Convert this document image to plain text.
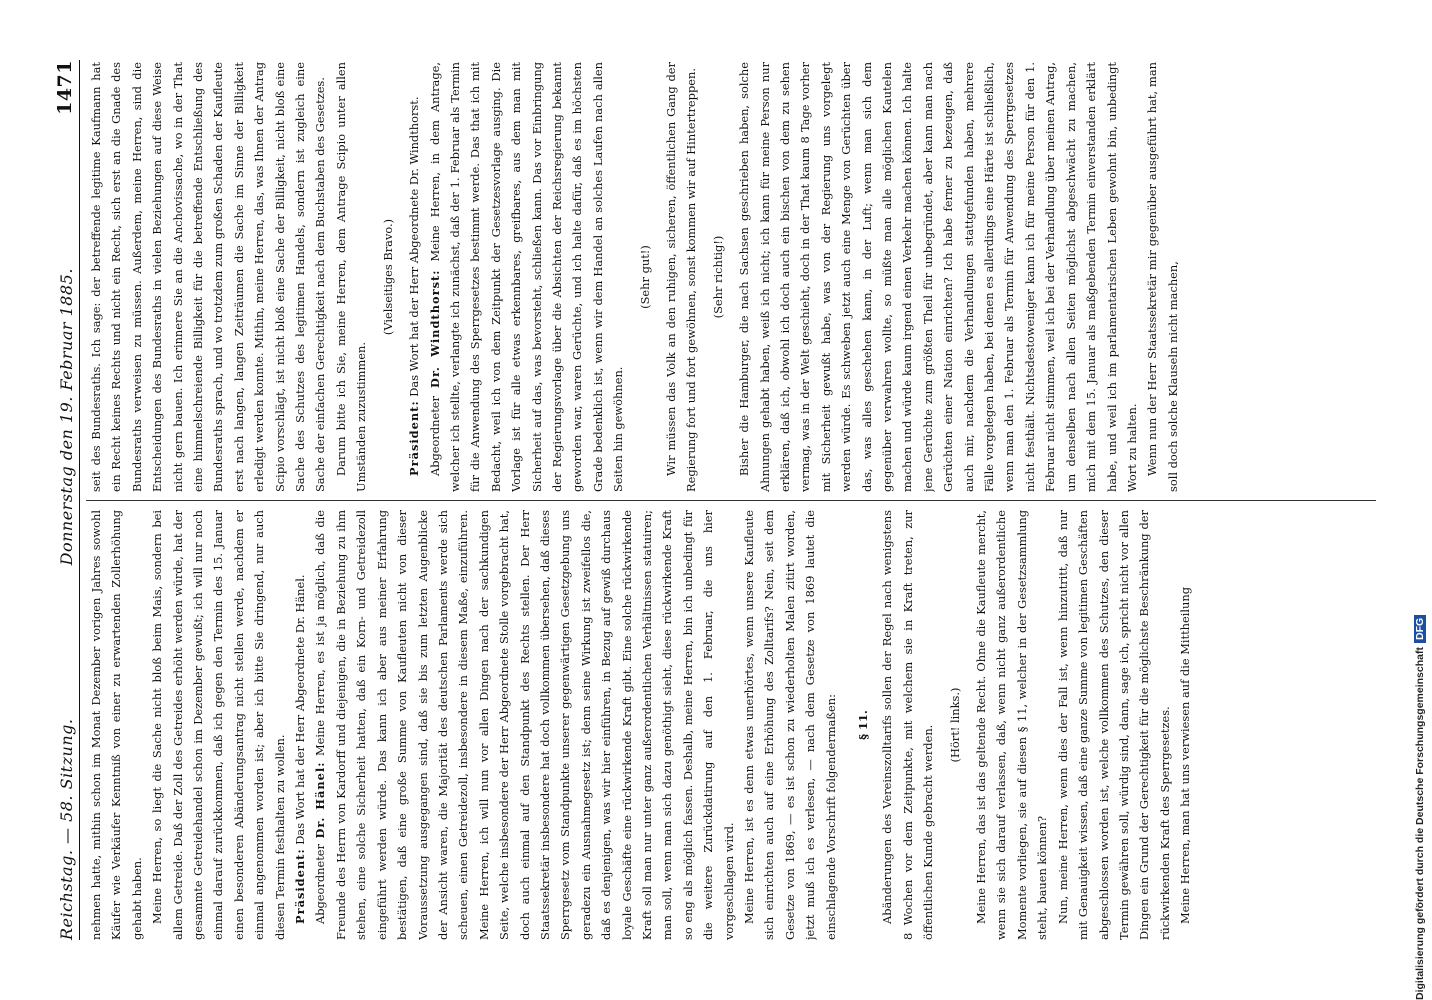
Reichstag. — 58. Sitzung.
Donnerstag den 19. Februar 1885.
1471

nehmen hatte, mithin schon im Monat Dezember vorigen Jahres sowohl Käufer wie Verkäufer Kenntniß von einer zu erwartenden Zollerhöhung gehabt haben. Meine Herren, so liegt die Sache nicht bloß beim Mais, sondern bei allem Getreide. Daß der Zoll des Getreides erhöht werden würde, hat der gesammte Getreidehandel schon im Dezember gewußt; ich will nur noch einmal darauf zurückkommen, daß ich gegen den Termin des 15. Januar einen besonderen Abänderungsantrag nicht stellen werde, nachdem er einmal angenommen worden ist; aber ich bitte Sie dringend, nur auch diesen Termin festhalten zu wollen. Präsident: Das Wort hat der Herr Abgeordnete Dr. Hänel.

Abgeordneter Dr. Hänel: Meine Herren, es ist ja möglich, daß die Freunde des Herrn von Kardorff und diejenigen, die in Beziehung zu ihm stehen, eine solche Sicherheit hatten, daß ein Korn- und Getreidezoll eingeführt werden würde. Das kann ich aber aus meiner Erfahrung bestätigen, daß eine große Summe von Kaufleuten nicht von dieser Voraussetzung ausgegangen sind, daß sie bis zum letzten Augenblicke der Ansicht waren, die Majorität des deutschen Parlaments werde sich scheuen, einen Getreidezoll, insbesondere in diesem Maße, einzuführen. Meine Herren, ich will nun vor allen Dingen nach der sachkundigen Seite, welche insbesondere der Herr Abgeordnete Stolle vorgebracht hat, doch auch einmal auf den Standpunkt des Rechts stellen. Der Herr Staatssekretär insbesondere hat doch vollkommen übersehen, daß dieses Sperrgesetz vom Standpunkte unserer gegenwärtigen Gesetzgebung uns geradezu ein Ausnahmegesetz ist; denn seine Wirkung ist zweifellos die, daß es denjenigen, was wir hier einführen, in Bezug auf gewiß durchaus loyale Geschäfte eine rückwirkende Kraft gibt. Eine solche rückwirkende Kraft soll man nur unter ganz außerordentlichen Verhältnissen statuiren; man soll, wenn man sich dazu genöthigt sieht, diese rückwirkende Kraft so eng als möglich fassen. Deshalb, meine Herren, bin ich unbedingt für die weitere Zurückdatirung auf den 1. Februar, die uns hier vorgeschlagen wird. Meine Herren, ist es denn etwas unerhörtes, wenn unsere Kaufleute sich einrichten auch auf eine Erhöhung des Zolltarifs? Nein, seit dem Gesetze von 1869, — es ist schon zu wiederholten Malen zitirt worden, jetzt muß ich es verlesen, — nach dem Gesetze von 1869 lautet die einschlagende Vorschrift folgendermaßen: § 11. Abänderungen des Vereinszolltarifs sollen der Regel nach wenigstens 8 Wochen vor dem Zeitpunkte, mit welchem sie in Kraft treten, zur öffentlichen Kunde gebracht werden. (Hört! links.) Meine Herren, das ist das geltende Recht. Ohne die Kaufleute mercht, wenn sie sich darauf verlassen, daß, wenn nicht ganz außerordentliche Momente vorliegen, sie auf diesen § 11, welcher in der Gesetzsammlung steht, bauen können? Nun, meine Herren, wenn dies der Fall ist, wenn hinzutritt, daß nur mit Genauigkeit wissen, daß eine ganze Summe von legitimen Geschäften abgeschlossen worden ist, welche vollkommen des Schutzes, den dieser Termin gewähren soll, würdig sind, dann, sage ich, spricht nicht vor allen Dingen ein Grund der Gerechtigkeit für die möglichste Beschränkung der rückwirkenden Kraft des Sperrgesetzes. Meine Herren, man hat uns verwiesen auf die Mittheilung

seit des Bundesraths. Ich sage: der betreffende legitime Kaufmann hat ein Recht keines Rechts und nicht ein Recht, sich erst an die Gnade des Bundesraths verweisen zu müssen. Außerdem, meine Herren, sind die Entscheidungen des Bundesraths in vielen Beziehungen auf diese Weise nicht gern bauen. Ich erinnere Sie an die Anchovissache, wo in der That eine himmelschreiende Billigkeit für die betreffende Entschließung des Bundesraths sprach, und wo trotzdem zum großen Schaden der Kaufleute erst nach langen, langen Zeiträumen die Sache im Sinne der Billigkeit erledigt werden konnte. Mithin, meine Herren, das, was Ihnen der Antrag Scipio vorschlägt, ist nicht bloß eine Sache der Billigkeit, nicht bloß eine Sache des Schutzes des legitimen Handels, sondern ist zugleich eine Sache der einfachen Gerechtigkeit nach dem Buchstaben des Gesetzes. Darum bitte ich Sie, meine Herren, dem Antrage Scipio unter allen Umständen zuzustimmen.

(Vielseitiges Bravo.)

Präsident: Das Wort hat der Herr Abgeordnete Dr. Windthorst.

Abgeordneter Dr. Windthorst: Meine Herren, in dem Antrage, welcher ich stellte, verlangte ich zunächst, daß der 1. Februar als Termin für die Anwendung des Sperrgesetzes bestimmt werde. Das that ich mit Bedacht, weil ich von dem Zeitpunkt der Gesetzesvorlage ausging. Die Vorlage ist für alle etwas erkennbares, greifbares, aus dem man mit Sicherheit auf das, was bevorsteht, schließen kann. Das vor Einbringung der Regierungsvorlage über die Absichten der Reichsregierung bekannt geworden war, waren Gerüchte, und ich halte dafür, daß es im höchsten Grade bedenklich ist, wenn wir dem Handel an solches Laufen nach allen Seiten hin gewöhnen.

(Sehr gut!) Wir müssen das Volk an den ruhigen, sicheren, öffentlichen Gang der Regierung fort und fort gewöhnen, sonst kommen wir auf Hintertreppen. (Sehr richtig!) Bisher die Hamburger, die nach Sachsen geschrieben haben, solche Ahnungen gehabt haben, weiß ich nicht; ich kann für meine Person nur erklären, daß ich, obwohl ich doch auch ein bischen von dem zu sehen vermag, was in der Welt geschieht, doch in der That kaum 8 Tage vorher mit Sicherheit gewußt habe, was von der Regierung uns vorgelegt werden würde. Es schweben jetzt auch eine Menge von Gerüchten über das, was alles geschehen kann, in der Luft; wenn man sich dem gegenüber verwahren wollte, so müßte man alle möglichen Kautelen machen und würde kaum irgend einen Verkehr machen können. Ich halte jene Gerüchte zum größten Theil für unbegründet, aber kann man nach Gerüchten einer Nation einrichten? Ich habe ferner zu bezeugen, daß auch mir, nachdem die Verhandlungen stattgefunden haben, mehrere Fälle vorgelegen haben, bei denen es allerdings eine Härte ist schließlich, wenn man den 1. Februar als Termin für Anwendung des Sperrgesetzes nicht festhält. Nichtsdestoweniger kann ich für meine Person für den 1. Februar nicht stimmen, weil ich bei der Verhandlung über meinen Antrag, um denselben nach allen Seiten möglichst abgeschwächt zu machen, mich mit dem 15. Januar als maßgebenden Termin einverstanden erklärt habe, und weil ich im parlamentarischen Leben gewohnt bin, unbedingt Wort zu halten. Wenn nun der Herr Staatssekretär mir gegenüber ausgeführt hat, man soll doch solche Klauseln nicht machen,

Digitalisierung gefördert durch die Deutsche ForschungsgemeinschaftDFG
